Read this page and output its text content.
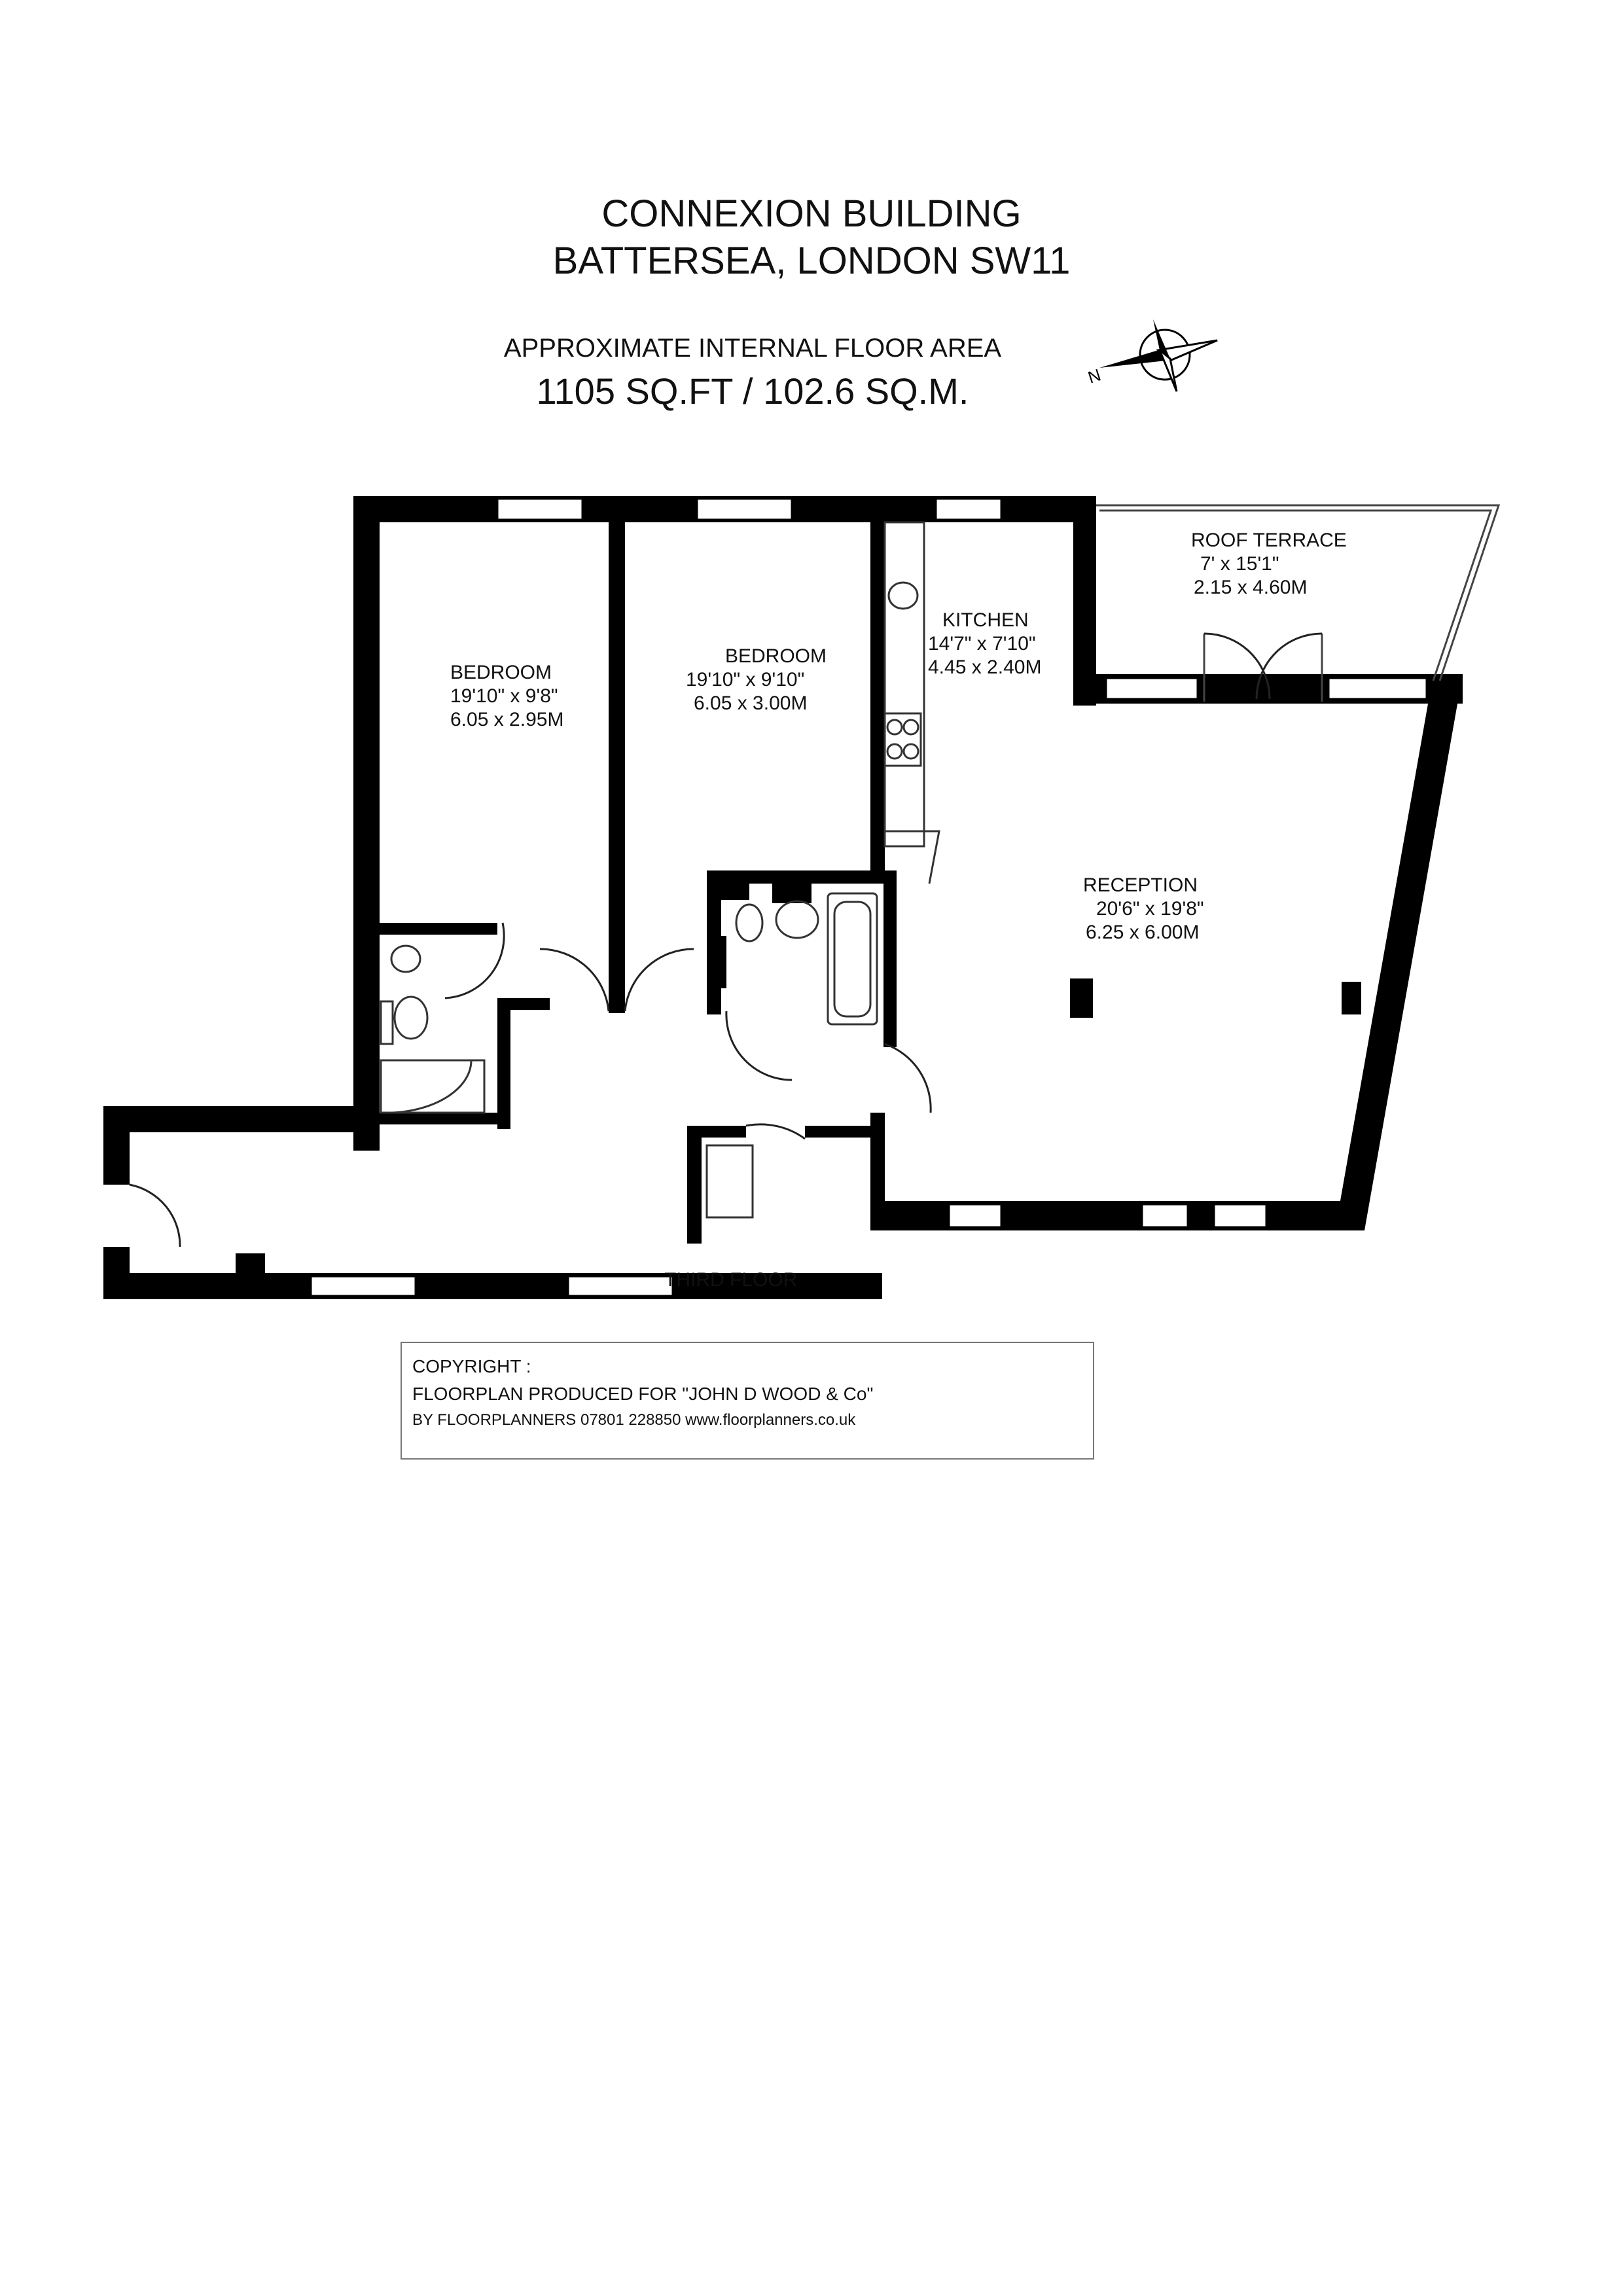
CONNEXION BUILDING
BATTERSEA, LONDON SW11
APPROXIMATE INTERNAL FLOOR AREA
1105 SQ.FT / 102.6 SQ.M.	N
BEDROOM
19'10" x 9'8"
6.05 x 2.95M
BEDROOM
19'10" x 9'10"
6.05 x 3.00M
KITCHEN
14'7" x 7'10"
4.45 x 2.40M
ROOF TERRACE
7' x 15'1"
2.15 x 4.60M
RECEPTION
20'6" x 19'8"
6.25 x 6.00M
THIRD FLOOR
COPYRIGHT :
FLOORPLAN PRODUCED FOR "JOHN D WOOD & Co"
BY FLOORPLANNERS 07801 228850 www.floorplanners.co.uk
